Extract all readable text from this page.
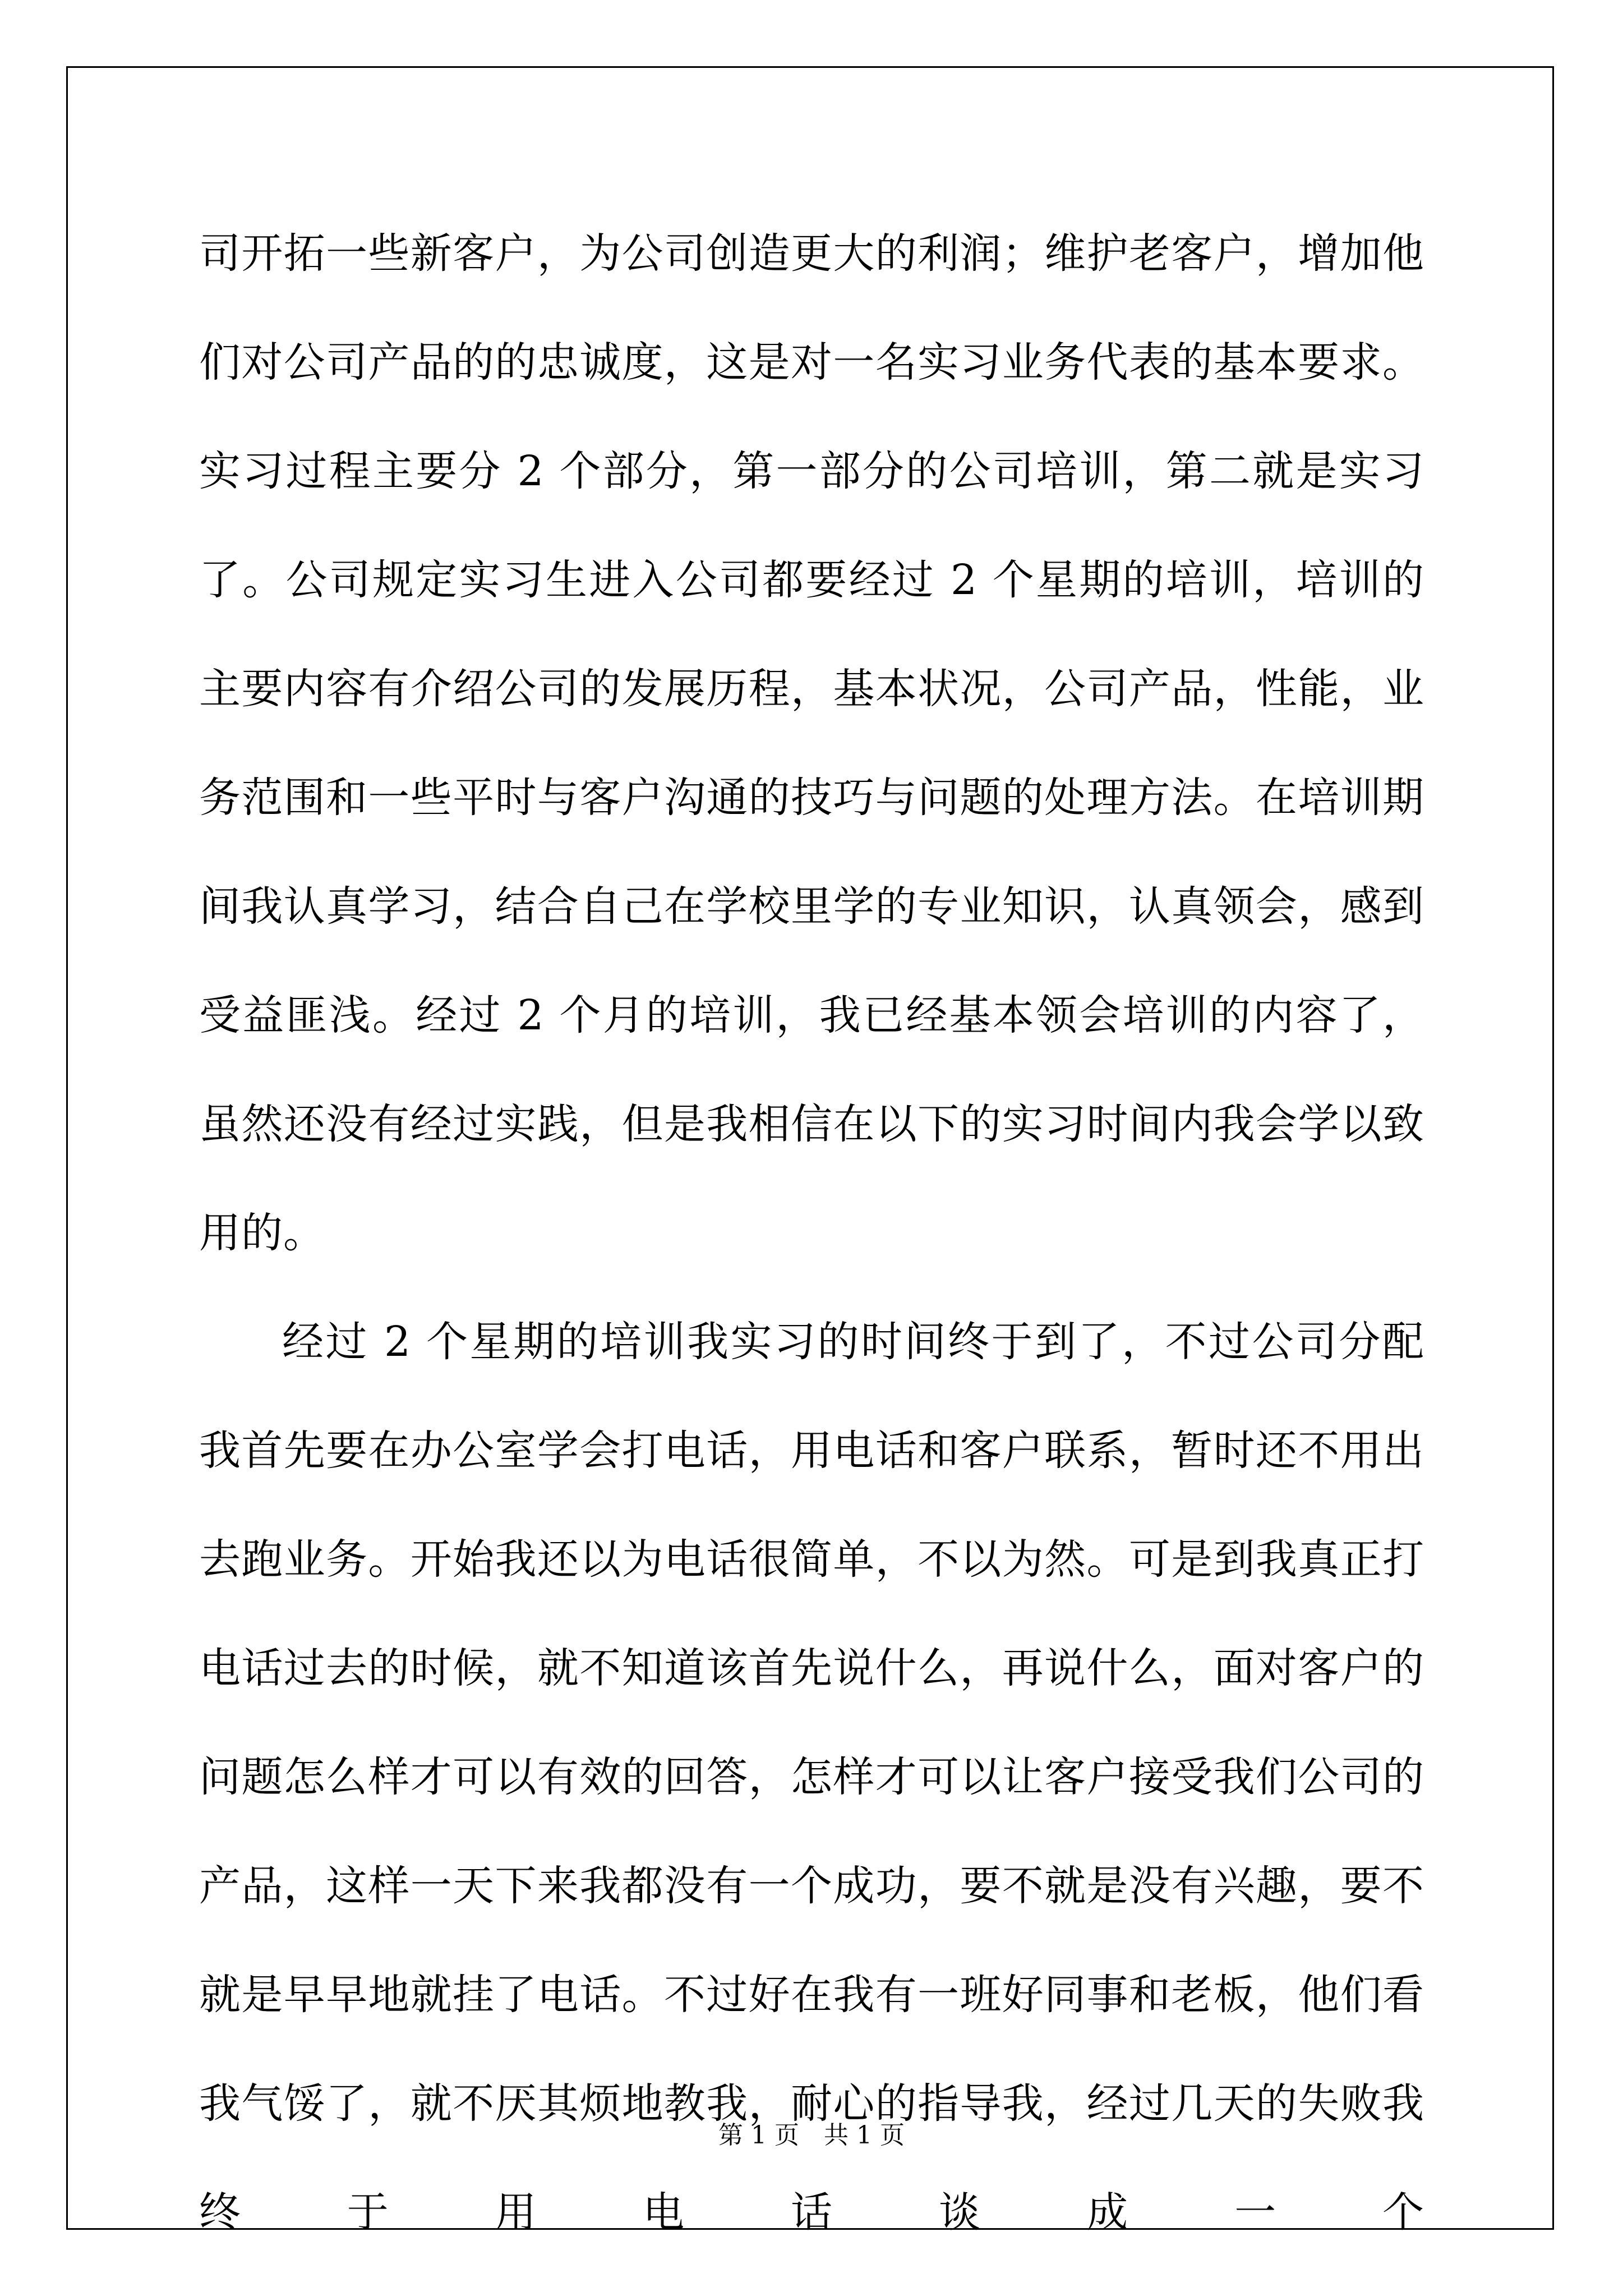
司开拓一些新客户，为公司创造更大的利润；维护老客户，增加他们对公司产品的的忠诚度，这是对一名实习业务代表的基本要求。实习过程主要分 2 个部分，第一部分的公司培训，第二就是实习了。公司规定实习生进入公司都要经过 2 个星期的培训，培训的主要内容有介绍公司的发展历程，基本状况，公司产品，性能，业务范围和一些平时与客户沟通的技巧与问题的处理方法。在培训期间我认真学习，结合自己在学校里学的专业知识，认真领会，感到受益匪浅。经过 2 个月的培训，我已经基本领会培训的内容了，虽然还没有经过实践，但是我相信在以下的实习时间内我会学以致用的。

经过 2 个星期的培训我实习的时间终于到了，不过公司分配我首先要在办公室学会打电话，用电话和客户联系，暂时还不用出去跑业务。开始我还以为电话很简单，不以为然。可是到我真正打电话过去的时候，就不知道该首先说什么，再说什么，面对客户的问题怎么样才可以有效的回答，怎样才可以让客户接受我们公司的产品，这样一天下来我都没有一个成功，要不就是没有兴趣，要不就是早早地就挂了电话。不过好在我有一班好同事和老板，他们看我气馁了，就不厌其烦地教我，耐心的指导我，经过几天的失败我终于用电话谈成一个

第 1 页　共 1 页
